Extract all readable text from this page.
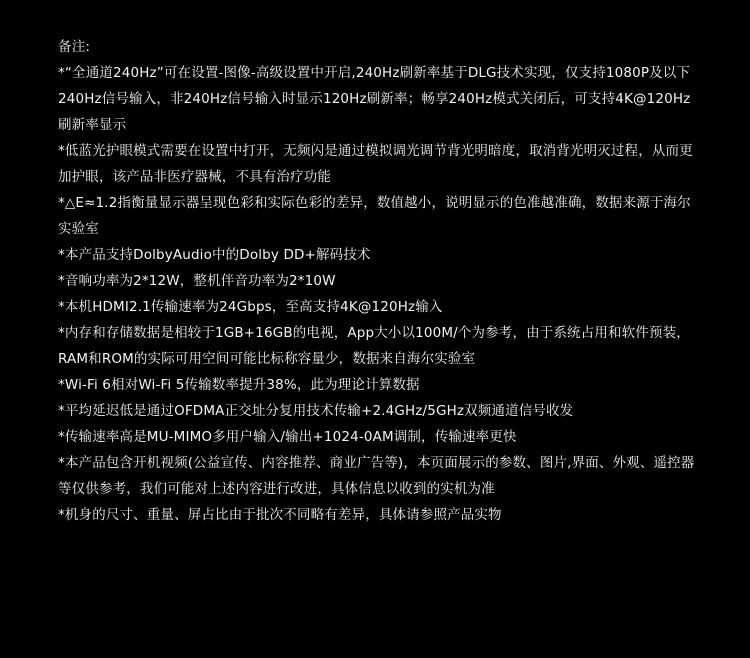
备注:

*“全通道240Hz”可在设置-图像-高级设置中开启,240Hz刷新率基于DLG技术实现，仅支持1080P及以下240Hz信号输入，非240Hz信号输入时显示120Hz刷新率；畅享240Hz模式关闭后，可支持4K@120Hz刷新率显示

*低蓝光护眼模式需要在设置中打开，无频闪是通过模拟调光调节背光明暗度，取消背光明灭过程，从而更加护眼，该产品非医疗器械，不具有治疗功能

*△E≈1.2指衡量显示器呈现色彩和实际色彩的差异，数值越小，说明显示的色准越准确，数据来源于海尔实验室

*本产品支持DolbyAudio中的Dolby DD+解码技术

*音响功率为2*12W，整机伴音功率为2*10W

*本机HDMI2.1传输速率为24Gbps，至高支持4K@120Hz输入

*内存和存储数据是相较于1GB+16GB的电视，App大小以100M/个为参考，由于系统占用和软件预装，RAM和ROM的实际可用空间可能比标称容量少，数据来自海尔实验室

*Wi-Fi 6相对Wi-Fi 5传输数率提升38%，此为理论计算数据

*平均延迟低是通过OFDMA正交址分复用技术传输+2.4GHz/5GHz双频通道信号收发

*传输速率高是MU-MIMO多用户输入/输出+1024-0AM调制，传输速率更快

*本产品包含开机视频(公益宣传、内容推荐、商业广告等)，本页面展示的参数、图片,界面、外观、遥控器等仅供参考，我们可能对上述内容进行改进，具体信息以收到的实机为准

*机身的尺寸、重量、屏占比由于批次不同略有差异，具体请参照产品实物
